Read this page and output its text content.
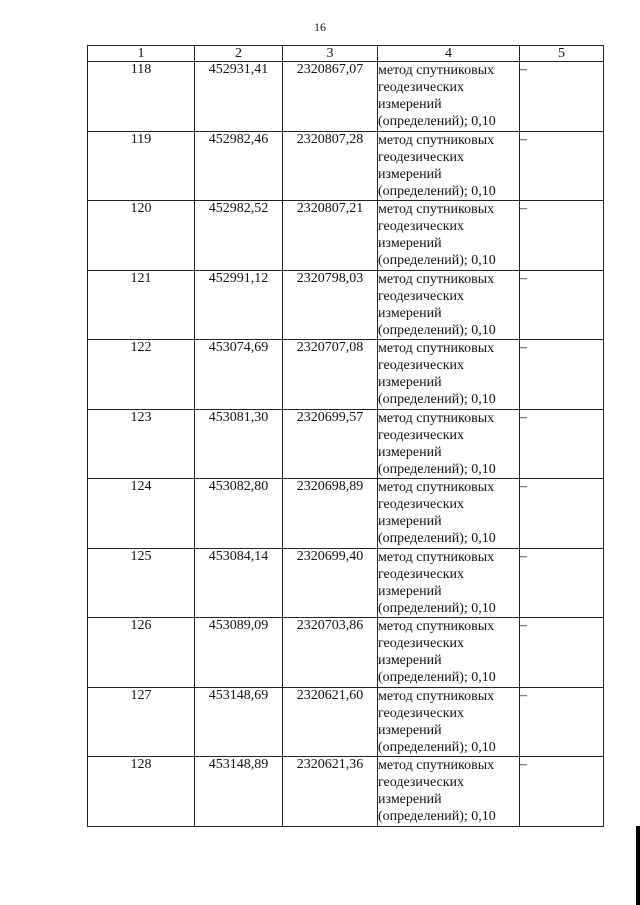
16
1	2	3	4	5
118	452931,41	2320867,07	метод спутниковых геодезических измерений (определений); 0,10	–
119	452982,46	2320807,28	метод спутниковых геодезических измерений (определений); 0,10	–
120	452982,52	2320807,21	метод спутниковых геодезических измерений (определений); 0,10	–
121	452991,12	2320798,03	метод спутниковых геодезических измерений (определений); 0,10	–
122	453074,69	2320707,08	метод спутниковых геодезических измерений (определений); 0,10	–
123	453081,30	2320699,57	метод спутниковых геодезических измерений (определений); 0,10	–
124	453082,80	2320698,89	метод спутниковых геодезических измерений (определений); 0,10	–
125	453084,14	2320699,40	метод спутниковых геодезических измерений (определений); 0,10	–
126	453089,09	2320703,86	метод спутниковых геодезических измерений (определений); 0,10	–
127	453148,69	2320621,60	метод спутниковых геодезических измерений (определений); 0,10	–
128	453148,89	2320621,36	метод спутниковых геодезических измерений (определений); 0,10	–
